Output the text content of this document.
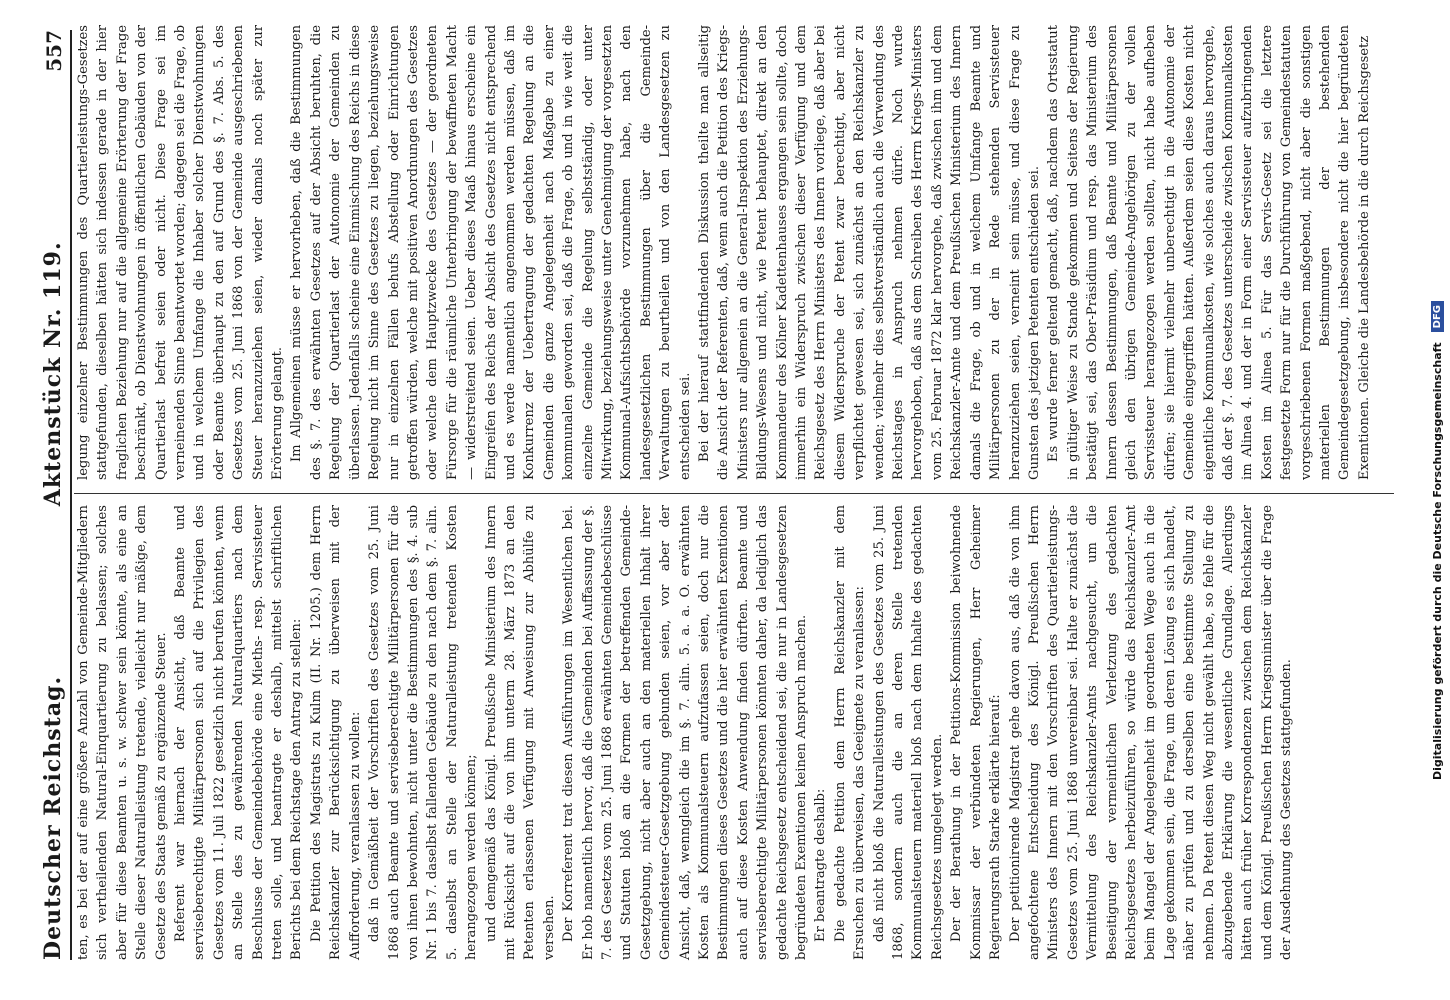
Deutscher Reichstag.
Aktenstück Nr. 119.
557

ten, es bei der auf eine größere Anzahl von Gemeinde-Mitgliedern sich vertheilenden Natural-Einquartierung zu belassen; solches aber für diese Beamten u. s. w. schwer sein könnte, als eine an Stelle dieser Naturalleistung tretende, vielleicht nur mäßige, dem Gesetze des Staats gemäß zu ergänzende Steuer. Referent war hiernach der Ansicht, daß Beamte und serviseberechtigte Militärpersonen sich auf die Privilegien des Gesetzes vom 11. Juli 1822 gesetzlich nicht berufen könnten, wenn an Stelle des zu gewährenden Naturalquartiers nach dem Beschlusse der Gemeindebehörde eine Mieths- resp. Servissteuer treten solle, und beantragte er deshalb, mittelst schriftlichen Berichts bei dem Reichstage den Antrag zu stellen: Die Petition des Magistrats zu Kulm (II. Nr. 1205.) dem Herrn Reichskanzler zur Berücksichtigung zu überweisen mit der Aufforderung, veranlassen zu wollen: daß in Gemäßheit der Vorschriften des Gesetzes vom 25. Juni 1868 auch Beamte und serviseberechtigte Militärpersonen für die von ihnen bewohnten, nicht unter die Bestimmungen des §. 4. sub Nr. 1 bis 7. daselbst fallenden Gebäude zu den nach dem §. 7. alin. 5. daselbst an Stelle der Naturalleistung tretenden Kosten herangezogen werden können; und demgemäß das Königl. Preußische Ministerium des Innern mit Rücksicht auf die von ihm unterm 28. März 1873 an den Petenten erlassenen Verfügung mit Anweisung zur Abhülfe zu versehen. Der Korreferent trat diesen Ausführungen im Wesentlichen bei. Er hob namentlich hervor, daß die Gemeinden bei Auffassung der §. 7. des Gesetzes vom 25. Juni 1868 erwähnten Gemeindebeschlüsse und Statuten bloß an die Formen der betreffenden Gemeinde-Gesetzgebung, nicht aber auch an den materiellen Inhalt ihrer Gemeindesteuer-Gesetzgebung gebunden seien, vor aber der Ansicht, daß, wenngleich die im §. 7. alin. 5. a. a. O. erwähnten Kosten als Kommunalsteuern aufzufassen seien, doch nur die Bestimmungen dieses Gesetzes und die hier erwähnten Exemtionen auch auf diese Kosten Anwendung finden dürften. Beamte und serviseberechtigte Militärpersonen könnten daher, da lediglich das gedachte Reichsgesetz entscheidend sei, die nur in Landesgesetzen begründeten Exemtionen keinen Anspruch machen. Er beantragte deshalb: Die gedachte Petition dem Herrn Reichskanzler mit dem Ersuchen zu überweisen, das Geeignete zu veranlassen: daß nicht bloß die Naturalleistungen des Gesetzes vom 25. Juni 1868, sondern auch die an deren Stelle tretenden Kommunalsteuern materiell bloß nach dem Inhalte des gedachten Reichsgesetzes umgelegt werden. Der der Berathung in der Petitions-Kommission beiwohnende Kommissar der verbündeten Regierungen, Herr Geheimer Regierungsrath Starke erklärte hierauf: Der petitionirende Magistrat gehe davon aus, daß die von ihm angefochtene Entscheidung des Königl. Preußischen Herrn Ministers des Innern mit den Vorschriften des Quartierleistungs-Gesetzes vom 25. Juni 1868 unvereinbar sei. Halte er zunächst die Vermittelung des Reichskanzler-Amts nachgesucht, um die Beseitigung der vermeintlichen Verletzung des gedachten Reichsgesetzes herbeizuführen, so würde das Reichskanzler-Amt beim Mangel der Angelegenheit im geordneten Wege auch in die Lage gekommen sein, die Frage, um deren Lösung es sich handelt, näher zu prüfen und zu derselben eine bestimmte Stellung zu nehmen. Da Petent diesen Weg nicht gewählt habe, so fehle für die abzugebende Erklärung die wesentliche Grundlage. Allerdings hätten auch früher Korrespondenzen zwischen dem Reichskanzler und dem Königl. Preußischen Herrn Kriegsminister über die Frage der Ausdehnung des Gesetzes stattgefunden.

legung einzelner Bestimmungen des Quartierleistungs-Gesetzes stattgefunden, dieselben hätten sich indessen gerade in der hier fraglichen Beziehung nur auf die allgemeine Erörterung der Frage beschränkt, ob Dienstwohnungen in öffentlichen Gebäuden von der Quartierlast befreit seien oder nicht. Diese Frage sei im verneinenden Sinne beantwortet worden; dagegen sei die Frage, ob und in welchem Umfange die Inhaber solcher Dienstwohnungen oder Beamte überhaupt zu den auf Grund des §. 7. Abs. 5. des Gesetzes vom 25. Juni 1868 von der Gemeinde ausgeschriebenen Steuer heranzuziehen seien, wieder damals noch später zur Erörterung gelangt. Im Allgemeinen müsse er hervorheben, daß die Bestimmungen des §. 7. des erwähnten Gesetzes auf der Absicht beruhten, die Regelung der Quartierlast der Autonomie der Gemeinden zu überlassen. Jedenfalls scheine eine Einmischung des Reichs in diese Regelung nicht im Sinne des Gesetzes zu liegen, beziehungsweise nur in einzelnen Fällen behufs Abstellung oder Einrichtungen getroffen würden, welche mit positiven Anordnungen des Gesetzes oder welche dem Hauptzwecke des Gesetzes — der geordneten Fürsorge für die räumliche Unterbringung der bewaffneten Macht — widerstreitend seien. Ueber dieses Maaß hinaus erscheine ein Eingreifen des Reichs der Absicht des Gesetzes nicht entsprechend und es werde namentlich angenommen werden müssen, daß im Konkurrenz der Uebertragung der gedachten Regelung an die Gemeinden die ganze Angelegenheit nach Maßgabe zu einer kommunalen geworden sei, daß die Frage, ob und in wie weit die einzelne Gemeinde die Regelung selbstständig, oder unter Mitwirkung, beziehungsweise unter Genehmigung der vorgesetzten Kommunal-Aufsichtsbehörde vorzunehmen habe, nach den landesgesetzlichen Bestimmungen über die Gemeinde-Verwaltungen zu beurtheilen und von den Landesgesetzen zu entscheiden sei. Bei der hierauf stattfindenden Diskussion theilte man allseitig die Ansicht der Referenten, daß, wenn auch die Petition des Kriegs-Ministers nur allgemein an die General-Inspektion des Erziehungs-Bildungs-Wesens und nicht, wie Petent behauptet, direkt an den Kommandeur des Kölner Kadettenhauses ergangen sein sollte, doch immerhin ein Widerspruch zwischen dieser Verfügung und dem Reichsgesetz des Herrn Ministers des Innern vorliege, daß aber bei diesem Widerspruche der Petent zwar berechtigt, aber nicht verpflichtet gewesen sei, sich zunächst an den Reichskanzler zu wenden; vielmehr dies selbstverständlich auch die Verwendung des Reichstages in Anspruch nehmen dürfe. Noch wurde hervorgehoben, daß aus dem Schreiben des Herrn Kriegs-Ministers vom 25. Februar 1872 klar hervorgehe, daß zwischen ihm und dem Reichskanzler-Amte und dem Preußischen Ministerium des Innern damals die Frage, ob und in welchem Umfange Beamte und Militärpersonen zu der in Rede stehenden Servissteuer heranzuziehen seien, verneint sein müsse, und diese Frage zu Gunsten des jetzigen Petenten entschieden sei. Es wurde ferner geltend gemacht, daß, nachdem das Ortsstatut in gültiger Weise zu Stande gekommen und Seitens der Regierung bestätigt sei, das Ober-Präsidium und resp. das Ministerium des Innern dessen Bestimmungen, daß Beamte und Militärpersonen gleich den übrigen Gemeinde-Angehörigen zu der vollen Servissteuer herangezogen werden sollten, nicht habe aufheben dürfen; sie hiermit vielmehr unberechtigt in die Autonomie der Gemeinde eingegriffen hätten. Außerdem seien diese Kosten nicht eigentliche Kommunalkosten, wie solches auch daraus hervorgehe, daß der §. 7. des Gesetzes unterscheide zwischen Kommunalkosten im Alinea 4. und der in Form einer Servissteuer aufzubringenden Kosten im Alinea 5. Für das Servis-Gesetz sei die letztere festgesetzte Form nur für die Durchführung von Gemeindestatuten vorgeschriebenen Formen maßgebend, nicht aber die sonstigen materiellen Bestimmungen der bestehenden Gemeindegesetzgebung, insbesondere nicht die hier begründeten Exemtionen. Gleiche die Landesbehörde in die durch Reichsgesetz

Digitalisierung gefördert durch die Deutsche Forschungsgemeinschaft
DFG
